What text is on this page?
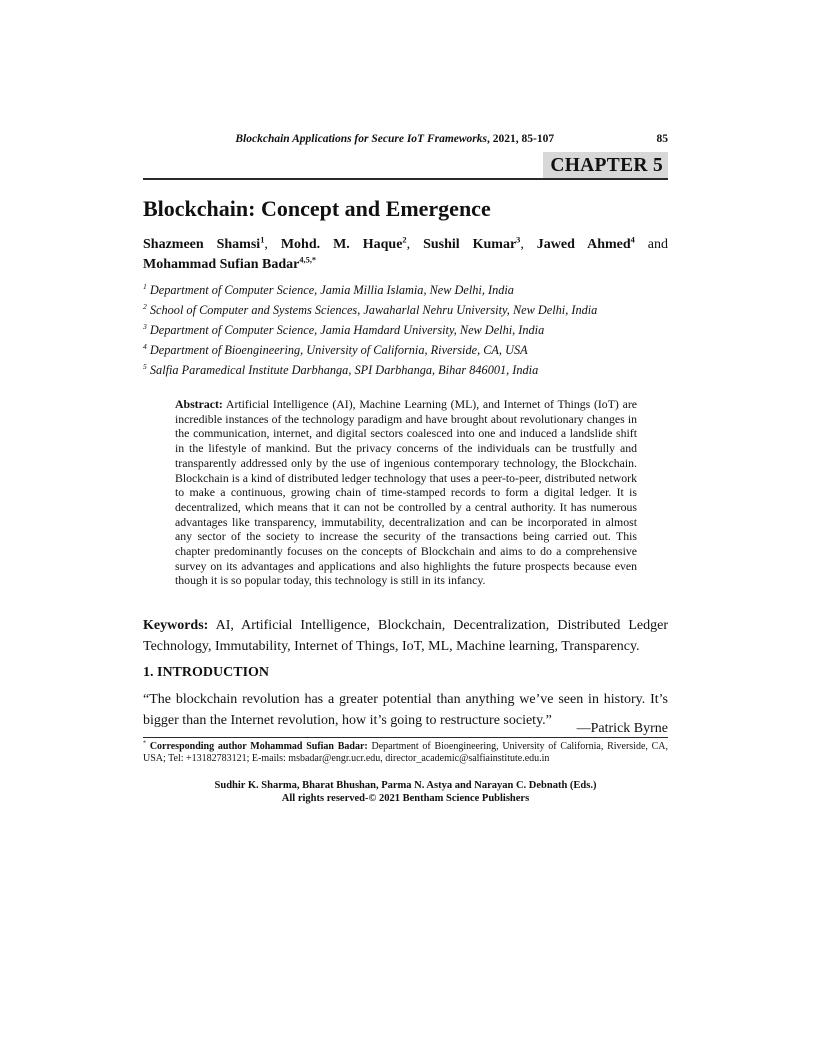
Blockchain Applications for Secure IoT Frameworks, 2021, 85-107	85
CHAPTER 5
Blockchain: Concept and Emergence

Shazmeen Shamsi$^1$, Mohd. M. Haque$^2$, Sushil Kumar$^3$, Jawed Ahmed$^4$ and Mohammad Sufian Badar$^{4,5,*}$

$^1$ Department of Computer Science, Jamia Millia Islamia, New Delhi, India

$^2$ School of Computer and Systems Sciences, Jawaharlal Nehru University, New Delhi, India

$^3$ Department of Computer Science, Jamia Hamdard University, New Delhi, India

$^4$ Department of Bioengineering, University of California, Riverside, CA, USA

$^5$ Salfia Paramedical Institute Darbhanga, SPI Darbhanga, Bihar 846001, India

Abstract: Artificial Intelligence (AI), Machine Learning (ML), and Internet of Things (IoT) are incredible instances of the technology paradigm and have brought about revolutionary changes in the communication, internet, and digital sectors coalesced into one and induced a landslide shift in the lifestyle of mankind. But the privacy concerns of the individuals can be trustfully and transparently addressed only by the use of ingenious contemporary technology, the Blockchain. Blockchain is a kind of distributed ledger technology that uses a peer-to-peer, distributed network to make a continuous, growing chain of time-stamped records to form a digital ledger. It is decentralized, which means that it can not be controlled by a central authority. It has numerous advantages like transparency, immutability, decentralization and can be incorporated in almost any sector of the society to increase the security of the transactions being carried out. This chapter predominantly focuses on the concepts of Blockchain and aims to do a comprehensive survey on its advantages and applications and also highlights the future prospects because even though it is so popular today, this technology is still in its infancy.

Keywords: AI, Artificial Intelligence, Blockchain, Decentralization, Distributed Ledger Technology, Immutability, Internet of Things, IoT, ML, Machine learning, Transparency.

1. INTRODUCTION

“The blockchain revolution has a greater potential than anything we’ve seen in history. It’s bigger than the Internet revolution, how it’s going to restructure society.”	—Patrick Byrne
* Corresponding author Mohammad Sufian Badar: Department of Bioengineering, University of California, Riverside, CA, USA; Tel: +13182783121; E-mails: msbadar@engr.ucr.edu, director_academic@salfiainstitute.edu.in
Sudhir K. Sharma, Bharat Bhushan, Parma N. Astya and Narayan C. Debnath (Eds.)
All rights reserved-© 2021 Bentham Science Publishers
